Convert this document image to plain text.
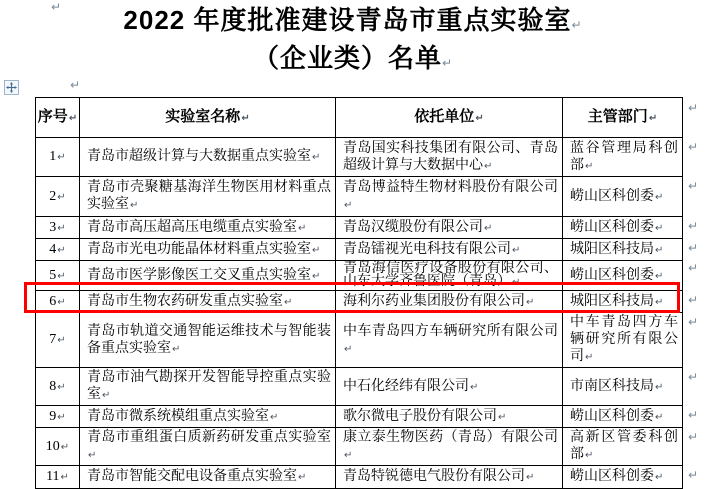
↵	2022 年度批准建设青岛市重点实验室↵
（企业类）名单↵
↵
序号↵	实验室名称↵	依托单位↵	主管部门↵	↵
1↵	青岛市超级计算与大数据重点实验室↵	青岛国实科技集团有限公司、青岛超级计算与大数据中心↵	蓝谷管理局科创部↵	↵
2↵	青岛市壳聚糖基海洋生物医用材料重点实验室↵	青岛博益特生物材料股份有限公司↵	崂山区科创委↵	↵
3↵	青岛市高压超高压电缆重点实验室↵	青岛汉缆股份有限公司↵	崂山区科创委↵	↵
4↵	青岛市光电功能晶体材料重点实验室↵	青岛镭视光电科技有限公司↵	城阳区科技局↵	↵
5↵	青岛市医学影像医工交叉重点实验室↵	青岛海信医疗设备股份有限公司、山东大学齐鲁医院（青岛）↵	崂山区科创委↵	↵
6↵	青岛市生物农药研发重点实验室↵	海利尔药业集团股份有限公司↵	城阳区科技局↵	↵
7↵	青岛市轨道交通智能运维技术与智能装备重点实验室↵	中车青岛四方车辆研究所有限公司↵	中车青岛四方车辆研究所有限公司↵	↵
8↵	青岛市油气勘探开发智能导控重点实验室↵	中石化经纬有限公司↵	市南区科技局↵	↵
9↵	青岛市微系统模组重点实验室↵	歌尔微电子股份有限公司↵	崂山区科创委↵	↵
10↵	青岛市重组蛋白质新药研发重点实验室↵	康立泰生物医药（青岛）有限公司↵	高新区管委科创部↵	↵
11↵	青岛市智能交配电设备重点实验室↵	青岛特锐德电气股份有限公司↵	崂山区科创委↵	↵
